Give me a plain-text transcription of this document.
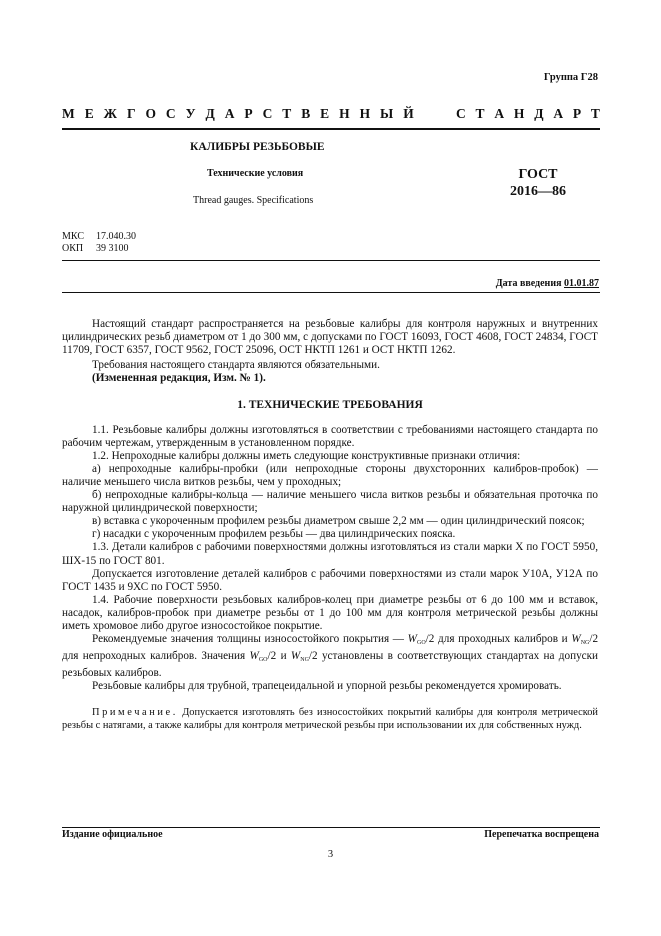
Группа Г28
М Е Ж Г О С У Д А Р С Т В Е Н Н Ы Й	С Т А Н Д А Р Т
КАЛИБРЫ РЕЗЬБОВЫЕ
Технические условия
Thread gauges. Specifications
ГОСТ
2016—86
МКС 17.040.30
ОКП 39 3100
Дата введения 01.01.87

Настоящий стандарт распространяется на резьбовые калибры для контроля наружных и внутренних цилиндрических резьб диаметром от 1 до 300 мм, с допусками по ГОСТ 16093, ГОСТ 4608, ГОСТ 24834, ГОСТ 11709, ГОСТ 6357, ГОСТ 9562, ГОСТ 25096, ОСТ НКТП 1261 и ОСТ НКТП 1262.

Требования настоящего стандарта являются обязательными.

(Измененная редакция, Изм. № 1).

1. ТЕХНИЧЕСКИЕ ТРЕБОВАНИЯ

1.1. Резьбовые калибры должны изготовляться в соответствии с требованиями настоящего стандарта по рабочим чертежам, утвержденным в установленном порядке.

1.2. Непроходные калибры должны иметь следующие конструктивные признаки отличия:

а) непроходные калибры-пробки (или непроходные стороны двухсторонних калибров-пробок) — наличие меньшего числа витков резьбы, чем у проходных;

б) непроходные калибры-кольца — наличие меньшего числа витков резьбы и обязательная проточка по наружной цилиндрической поверхности;

в) вставка с укороченным профилем резьбы диаметром свыше 2,2 мм — один цилиндрический поясок;

г) насадки с укороченным профилем резьбы — два цилиндрических пояска.

1.3. Детали калибров с рабочими поверхностями должны изготовляться из стали марки Х по ГОСТ 5950, ШХ-15 по ГОСТ 801.

Допускается изготовление деталей калибров с рабочими поверхностями из стали марок У10А, У12А по ГОСТ 1435 и 9ХС по ГОСТ 5950.

1.4. Рабочие поверхности резьбовых калибров-колец при диаметре резьбы от 6 до 100 мм и вставок, насадок, калибров-пробок при диаметре резьбы от 1 до 100 мм для контроля метрической резьбы должны иметь хромовое либо другое износостойкое покрытие.

Рекомендуемые значения толщины износостойкого покрытия — $W_{GO}/2$ для проходных калибров и $W_{NG}/2$ для непроходных калибров. Значения $W_{GO}/2$ и $W_{NG}/2$ установлены в соответствующих стандартах на допуски резьбовых калибров.

Резьбовые калибры для трубной, трапецеидальной и упорной резьбы рекомендуется хромировать.

Примечание. Допускается изготовлять без износостойких покрытий калибры для контроля метрической резьбы с натягами, а также калибры для контроля метрической резьбы при использовании их для собственных нужд.

Издание официальное	Перепечатка воспрещена
3
